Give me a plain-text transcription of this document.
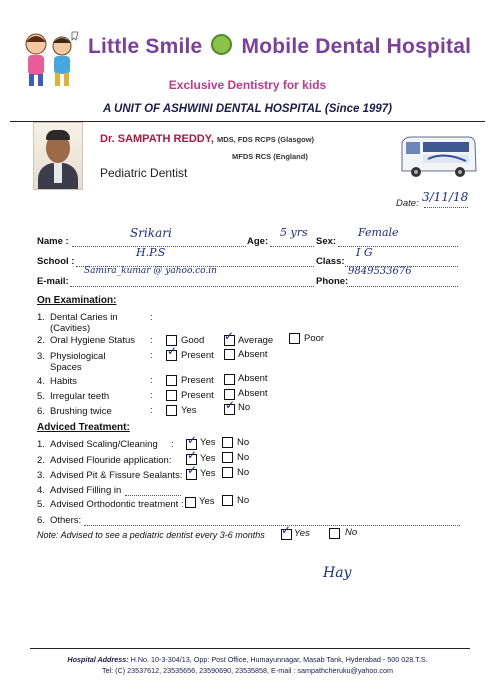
Little Smile Mobile Dental Hospital
Exclusive Dentistry for kids
A UNIT OF ASHWINI DENTAL HOSPITAL (Since 1997)
Dr. SAMPATH REDDY, MDS, FDS RCPS (Glasgow)
MFDS RCS (England)
Pediatric Dentist
Date: 3/11/18
Name :
Srikari
Age:
5 yrs
Sex:
Female
School :
H.P.S
Class:
I G
E-mail:
Samira_kumar @ yahoo.co.in
Phone:
9849533676
On Examination:
1. Dental Caries in
(Cavities)
:
2. Oral Hygiene Status :	Good ✓ Average	Poor
3. Physiological
Spaces
: ✓ Present	Absent
4. Habits	:	Present	Absent
5. Irregular teeth	:	Present	Absent
6. Brushing twice	:	Yes ✓ No
Adviced Treatment:
1. Advised Scaling/Cleaning : ✓ Yes No
2. Advised Flouride application: ✓ Yes No
3. Advised Pit & Fissure Sealants: ✓ Yes No
4. Advised Filling in
5. Advised Orthodontic treatment : Yes No
6. Others:
Note: Advised to see a pediatric dentist every 3-6 months ✓ Yes	No
Hay
Hospital Address: H.No. 10-3-304/13, Opp: Post Office, Humayunnagar, Masab Tank, Hyderabad - 500 028.T.S.
Tel: (C) 23537612, 23535656, 23590690, 23535858, E-mail : sampathcheruku@yahoo.com
